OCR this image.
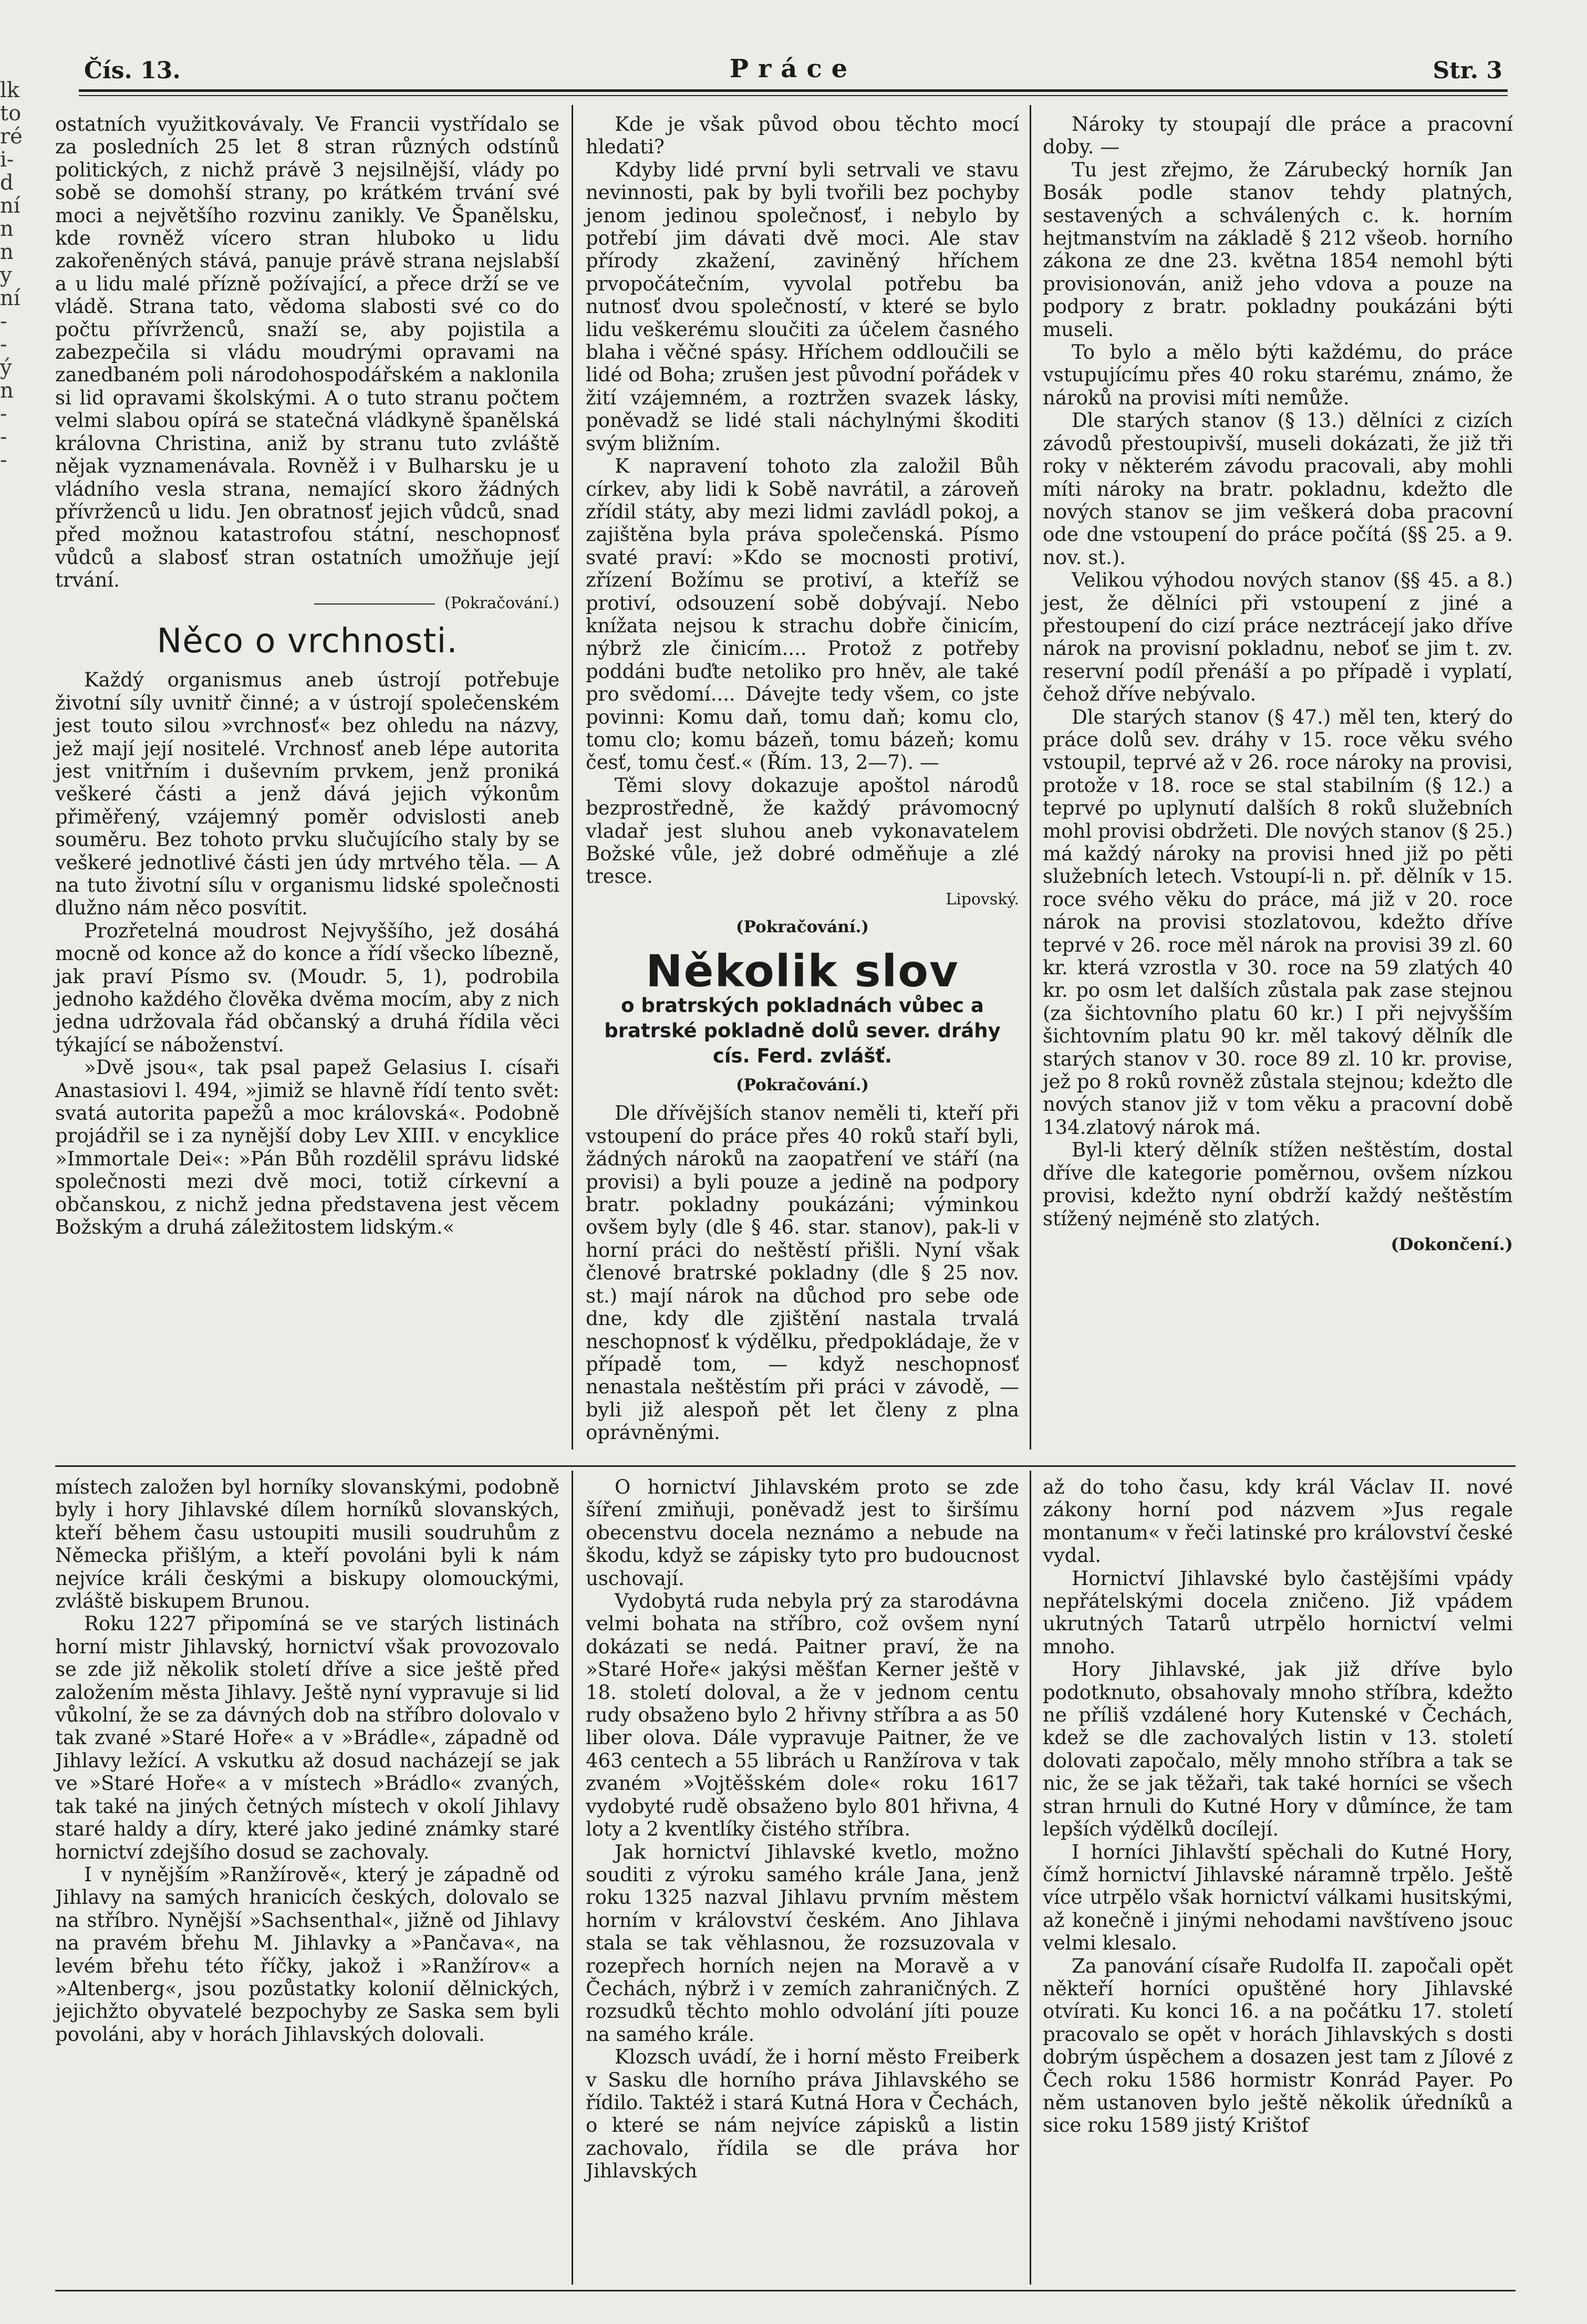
lk
to
ré
i-
d
ní
n
n
y
ní
-
-
ý
n
-
-
-
Čís. 13.	Práce	Str. 3

ostatních využitkovávaly. Ve Francii vystřídalo se za posledních 25 let 8 stran různých odstínů politických, z nichž právě 3 nejsilnější, vlády po sobě se domohší strany, po krátkém trvání své moci a největšího rozvinu zanikly. Ve Španělsku, kde rovněž vícero stran hluboko u lidu zakořeněných stává, panuje právě strana nejslabší a u lidu malé přízně požívající, a přece drží se ve vládě. Strana tato, vědoma slabosti své co do počtu přívrženců, snaží se, aby pojistila a zabezpečila si vládu moudrými opravami na zanedbaném poli národohospodářském a naklonila si lid opravami školskými. A o tuto stranu počtem velmi slabou opírá se statečná vládkyně španělská královna Christina, aniž by stranu tuto zvláště nějak vyznamenávala. Rovněž i v Bulharsku je u vládního vesla strana, nemající skoro žádných přívrženců u lidu. Jen obratnosť jejich vůdců, snad před možnou katastrofou státní, neschopnosť vůdců a slabosť stran ostatních umožňuje její trvání.

(Pokračování.)
Něco o vrchnosti.

Každý organismus aneb ústrojí potřebuje životní síly uvnitř činné; a v ústrojí společenském jest touto silou »vrchnosť« bez ohledu na názvy, jež mají její nositelé. Vrchnosť aneb lépe autorita jest vnitřním i duševním prvkem, jenž proniká veškeré části a jenž dává jejich výkonům přiměřený, vzájemný poměr odvislosti aneb souměru. Bez tohoto prvku slučujícího staly by se veškeré jednotlivé části jen údy mrtvého těla. — A na tuto životní sílu v organismu lidské společnosti dlužno nám něco posvítit.

Prozřetelná moudrost Nejvyššího, jež dosáhá mocně od konce až do konce a řídí všecko líbezně, jak praví Písmo sv. (Moudr. 5, 1), podrobila jednoho každého člověka dvěma mocím, aby z nich jedna udržovala řád občanský a druhá řídila věci týkající se náboženství.

»Dvě jsou«, tak psal papež Gelasius I. císaři Anastasiovi l. 494, »jimiž se hlavně řídí tento svět: svatá autorita papežů a moc královská«. Podobně projádřil se i za nynější doby Lev XIII. v encyklice »Immortale Dei«: »Pán Bůh rozdělil správu lidské společnosti mezi dvě moci, totiž církevní a občanskou, z nichž jedna představena jest věcem Božským a druhá záležitostem lidským.«

Kde je však původ obou těchto mocí hledati?

Kdyby lidé první byli setrvali ve stavu nevinnosti, pak by byli tvořili bez pochyby jenom jedinou společnosť, i nebylo by potřebí jim dávati dvě moci. Ale stav přírody zkažení, zaviněný hříchem prvopočátečním, vyvolal potřebu ba nutnosť dvou společností, v které se bylo lidu veškerému sloučiti za účelem časného blaha i věčné spásy. Hříchem oddloučili se lidé od Boha; zrušen jest původní pořádek v žití vzájemném, a roztržen svazek lásky, poněvadž se lidé stali náchylnými škoditi svým bližním.

K napravení tohoto zla založil Bůh církev, aby lidi k Sobě navrátil, a zároveň zřídil státy, aby mezi lidmi zavládl pokoj, a zajištěna byla práva společenská. Písmo svaté praví: »Kdo se mocnosti protiví, zřízení Božímu se protiví, a kteříž se protiví, odsouzení sobě dobývají. Nebo knížata nejsou k strachu dobře činicím, nýbrž zle činicím.... Protož z potřeby poddáni buďte netoliko pro hněv, ale také pro svědomí.... Dávejte tedy všem, co jste povinni: Komu daň, tomu daň; komu clo, tomu clo; komu bázeň, tomu bázeň; komu česť, tomu česť.« (Řím. 13, 2—7). —

Těmi slovy dokazuje apoštol národů bezprostředně, že každý právomocný vladař jest sluhou aneb vykonavatelem Božské vůle, jež dobré odměňuje a zlé tresce.

Lipovský.
(Pokračování.)
Několik slov
o bratrských pokladnách vůbec a bratrské pokladně dolů sever. dráhy cís. Ferd. zvlášť.
(Pokračování.)

Dle dřívějších stanov neměli ti, kteří při vstoupení do práce přes 40 roků staří byli, žádných nároků na zaopatření ve stáří (na provisi) a byli pouze a jedině na podpory bratr. pokladny poukázáni; výminkou ovšem byly (dle § 46. star. stanov), pak-li v horní práci do neštěstí přišli. Nyní však členové bratrské pokladny (dle § 25 nov. st.) mají nárok na důchod pro sebe ode dne, kdy dle zjištění nastala trvalá neschopnosť k výdělku, předpokládaje, že v případě tom, — když neschopnosť nenastala neštěstím při práci v závodě, — byli již alespoň pět let členy z plna oprávněnými.

Nároky ty stoupají dle práce a pracovní doby. —

Tu jest zřejmo, že Zárubecký horník Jan Bosák podle stanov tehdy platných, sestavených a schválených c. k. horním hejtmanstvím na základě § 212 všeob. horního zákona ze dne 23. května 1854 nemohl býti provisionován, aniž jeho vdova a pouze na podpory z bratr. pokladny poukázáni býti museli.

To bylo a mělo býti každému, do práce vstupujícímu přes 40 roku starému, známo, že nároků na provisi míti nemůže.

Dle starých stanov (§ 13.) dělníci z cizích závodů přestoupivší, museli dokázati, že již tři roky v některém závodu pracovali, aby mohli míti nároky na bratr. pokladnu, kdežto dle nových stanov se jim veškerá doba pracovní ode dne vstoupení do práce počítá (§§ 25. a 9. nov. st.).

Velikou výhodou nových stanov (§§ 45. a 8.) jest, že dělníci při vstoupení z jiné a přestoupení do cizí práce neztrácejí jako dříve nárok na provisní pokladnu, neboť se jim t. zv. reservní podíl přenáší a po případě i vyplatí, čehož dříve nebývalo.

Dle starých stanov (§ 47.) měl ten, který do práce dolů sev. dráhy v 15. roce věku svého vstoupil, teprvé až v 26. roce nároky na provisi, protože v 18. roce se stal stabilním (§ 12.) a teprvé po uplynutí dalších 8 roků služebních mohl provisi obdržeti. Dle nových stanov (§ 25.) má každý nároky na provisi hned již po pěti služebních letech. Vstoupí-li n. př. dělník v 15. roce svého věku do práce, má již v 20. roce nárok na provisi stozlatovou, kdežto dříve teprvé v 26. roce měl nárok na provisi 39 zl. 60 kr. která vzrostla v 30. roce na 59 zlatých 40 kr. po osm let dalších zůstala pak zase stejnou (za šichtovního platu 60 kr.) I při nejvyšším šichtovním platu 90 kr. měl takový dělník dle starých stanov v 30. roce 89 zl. 10 kr. provise, jež po 8 roků rovněž zůstala stejnou; kdežto dle nových stanov již v tom věku a pracovní době 134.zlatový nárok má.

Byl-li který dělník stížen neštěstím, dostal dříve dle kategorie poměrnou, ovšem nízkou provisi, kdežto nyní obdrží každý neštěstím stížený nejméně sto zlatých.

(Dokončení.)

místech založen byl horníky slovanskými, podobně byly i hory Jihlavské dílem horníků slovanských, kteří během času ustoupiti musili soudruhům z Německa přišlým, a kteří povoláni byli k nám nejvíce králi českými a biskupy olomouckými, zvláště biskupem Brunou.

Roku 1227 připomíná se ve starých listinách horní mistr Jihlavský, hornictví však provozovalo se zde již několik století dříve a sice ještě před založením města Jihlavy. Ještě nyní vypravuje si lid vůkolní, že se za dávných dob na stříbro dolovalo v tak zvané »Staré Hoře« a v »Brádle«, západně od Jihlavy ležící. A vskutku až dosud nacházejí se jak ve »Staré Hoře« a v místech »Brádlo« zvaných, tak také na jiných četných místech v okolí Jihlavy staré haldy a díry, které jako jediné známky staré hornictví zdejšího dosud se zachovaly.

I v nynějším »Ranžírově«, který je západně od Jihlavy na samých hranicích českých, dolovalo se na stříbro. Nynější »Sachsenthal«, jižně od Jihlavy na pravém břehu M. Jihlavky a »Pančava«, na levém břehu této říčky, jakož i »Ranžírov« a »Altenberg«, jsou pozůstatky kolonií dělnických, jejichžto obyvatelé bezpochyby ze Saska sem byli povoláni, aby v horách Jihlavských dolovali.

O hornictví Jihlavském proto se zde šíření zmiňuji, poněvadž jest to širšímu obecenstvu docela neznámo a nebude na škodu, když se zápisky tyto pro budoucnost uschovají.

Vydobytá ruda nebyla prý za starodávna velmi bohata na stříbro, což ovšem nyní dokázati se nedá. Paitner praví, že na »Staré Hoře« jakýsi měšťan Kerner ještě v 18. století doloval, a že v jednom centu rudy obsaženo bylo 2 hřivny stříbra a as 50 liber olova. Dále vypravuje Paitner, že ve 463 centech a 55 librách u Ranžírova v tak zvaném »Vojtěšském dole« roku 1617 vydobyté rudě obsaženo bylo 801 hřivna, 4 loty a 2 kventlíky čistého stříbra.

Jak hornictví Jihlavské kvetlo, možno souditi z výroku samého krále Jana, jenž roku 1325 nazval Jihlavu prvním městem horním v království českém. Ano Jihlava stala se tak věhlasnou, že rozsuzovala v rozepřech horních nejen na Moravě a v Čechách, nýbrž i v zemích zahraničných. Z rozsudků těchto mohlo odvolání jíti pouze na samého krále.

Klozsch uvádí, že i horní město Freiberk v Sasku dle horního práva Jihlavského se řídilo. Taktéž i stará Kutná Hora v Čechách, o které se nám nejvíce zápisků a listin zachovalo, řídila se dle práva hor Jihlavských

až do toho času, kdy král Václav II. nové zákony horní pod názvem »Jus regale montanum« v řeči latinské pro království české vydal.

Hornictví Jihlavské bylo častějšími vpády nepřátelskými docela zničeno. Již vpádem ukrutných Tatarů utrpělo hornictví velmi mnoho.

Hory Jihlavské, jak již dříve bylo podotknuto, obsahovaly mnoho stříbra, kdežto ne příliš vzdálené hory Kutenské v Čechách, kdež se dle zachovalých listin v 13. století dolovati započalo, měly mnoho stříbra a tak se nic, že se jak těžaři, tak také horníci se všech stran hrnuli do Kutné Hory v důmínce, že tam lepších výdělků docílejí.

I horníci Jihlavští spěchali do Kutné Hory, čímž hornictví Jihlavské náramně trpělo. Ještě více utrpělo však hornictví válkami husitskými, až konečně i jinými nehodami navštíveno jsouc velmi klesalo.

Za panování císaře Rudolfa II. započali opět někteří horníci opuštěné hory Jihlavské otvírati. Ku konci 16. a na počátku 17. století pracovalo se opět v horách Jihlavských s dosti dobrým úspěchem a dosazen jest tam z Jílové z Čech roku 1586 hormistr Konrád Payer. Po něm ustanoven bylo ještě několik úředníků a sice roku 1589 jistý Krištof
